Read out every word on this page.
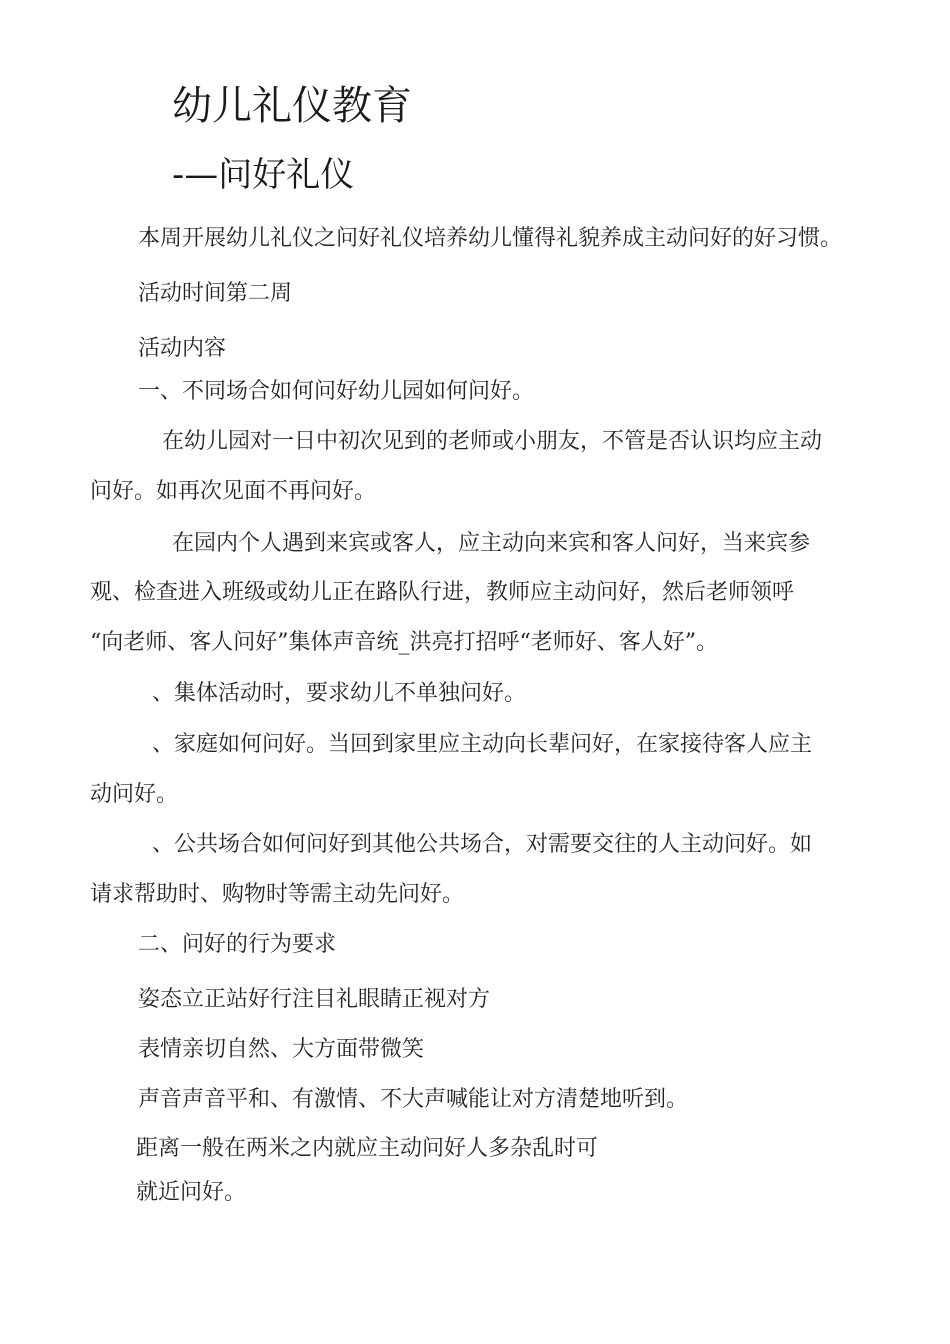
幼儿礼仪教育
-—问好礼仪
本周开展幼儿礼仪之问好礼仪培养幼儿懂得礼貌养成主动问好的好习惯。
活动时间第二周
活动内容
一、不同场合如何问好幼儿园如何问好。
在幼儿园对一日中初次见到的老师或小朋友，不管是否认识均应主动
问好。如再次见面不再问好。
在园内个人遇到来宾或客人，应主动向来宾和客人问好，当来宾参
观、检查进入班级或幼儿正在路队行进，教师应主动问好，然后老师领呼
“向老师、客人问好”集体声音统_洪亮打招呼“老师好、客人好”。
、集体活动时，要求幼儿不单独问好。
、家庭如何问好。当回到家里应主动向长辈问好，在家接待客人应主
动问好。
、公共场合如何问好到其他公共场合，对需要交往的人主动问好。如
请求帮助时、购物时等需主动先问好。
二、问好的行为要求
姿态立正站好行注目礼眼睛正视对方
表情亲切自然、大方面带微笑
声音声音平和、有激情、不大声喊能让对方清楚地听到。
距离一般在两米之内就应主动问好人多杂乱时可
就近问好。
